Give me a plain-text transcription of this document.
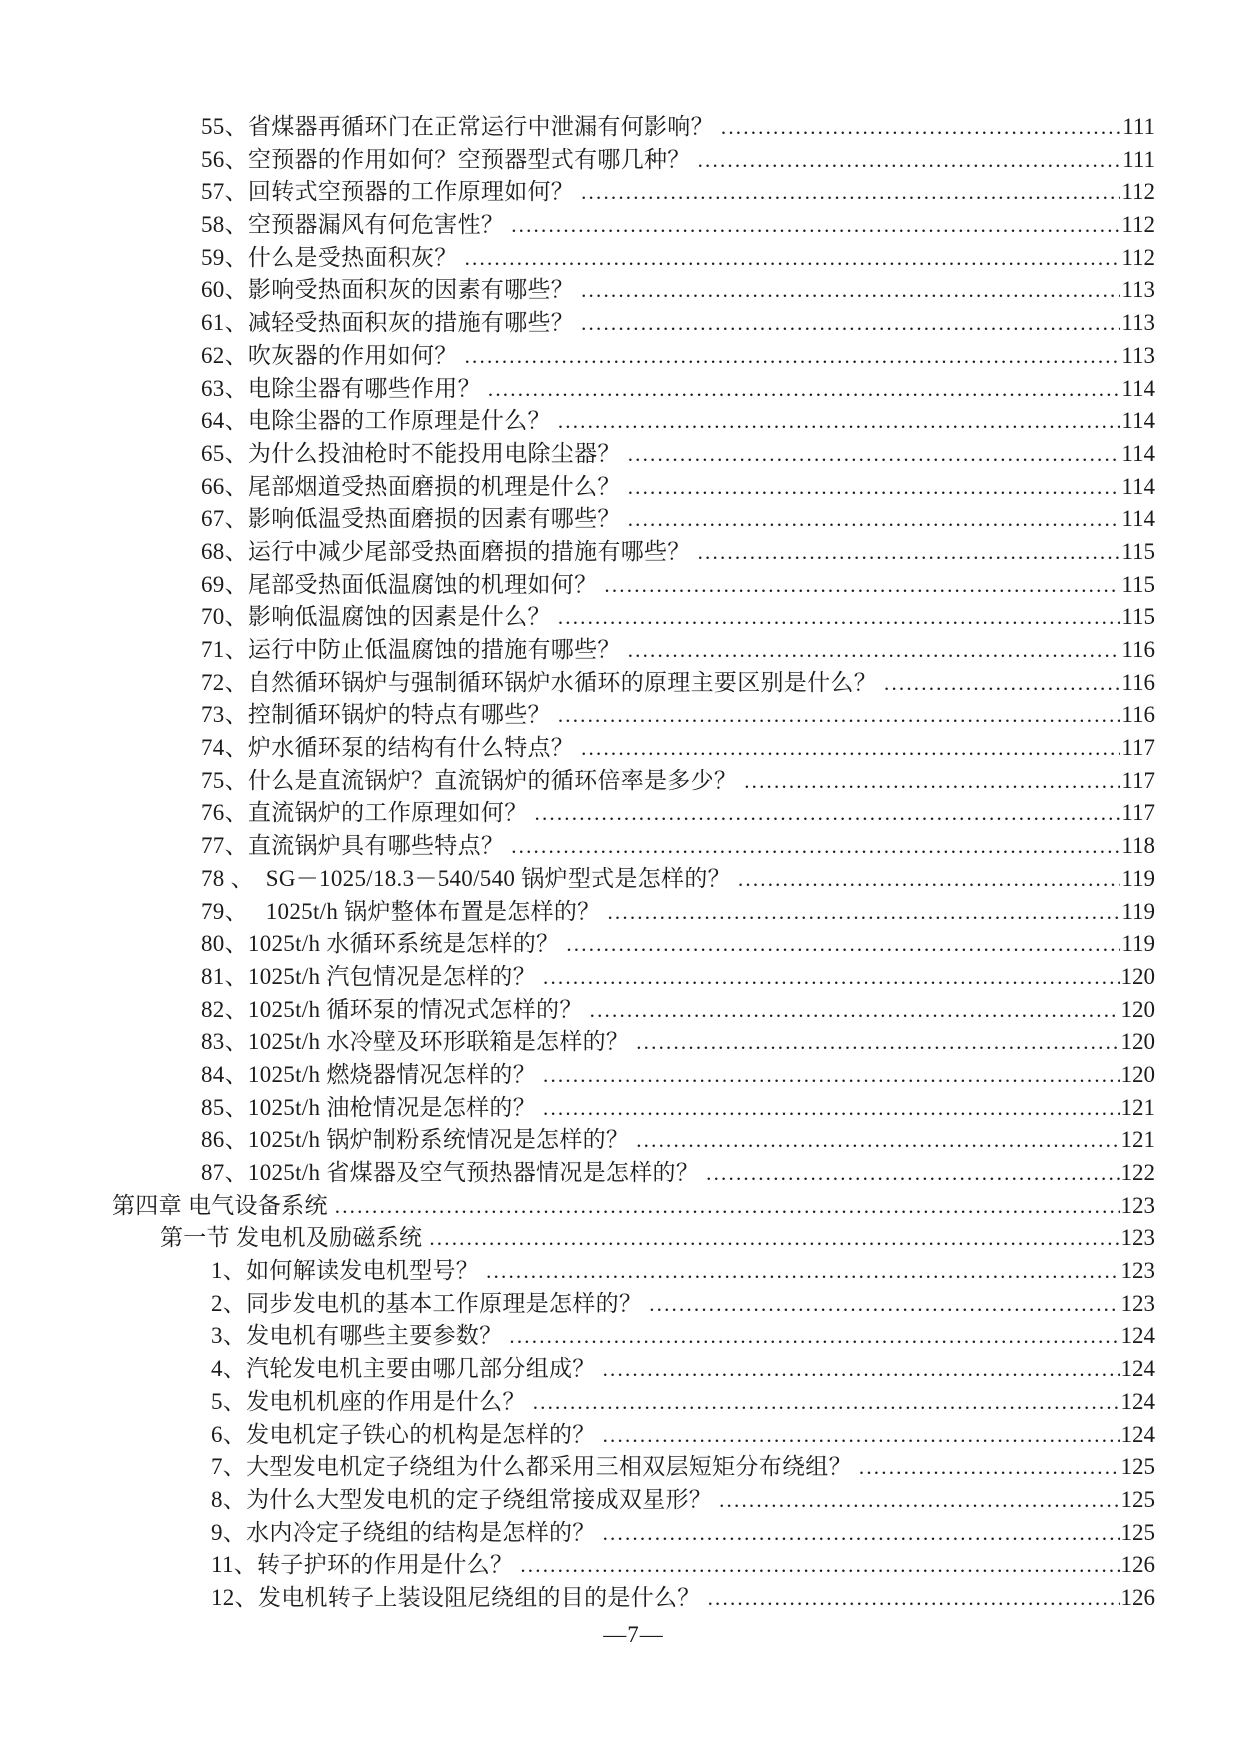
55、省煤器再循环门在正常运行中泄漏有何影响？ .....	111
56、空预器的作用如何？空预器型式有哪几种？ .....	111
57、回转式空预器的工作原理如何？ .....	112
58、空预器漏风有何危害性？ .....	112
59、什么是受热面积灰？ .....	112
60、影响受热面积灰的因素有哪些？ .....	113
61、减轻受热面积灰的措施有哪些？ .....	113
62、吹灰器的作用如何？ .....	113
63、电除尘器有哪些作用？ .....	114
64、电除尘器的工作原理是什么？ .....	114
65、为什么投油枪时不能投用电除尘器？ .....	114
66、尾部烟道受热面磨损的机理是什么？ .....	114
67、影响低温受热面磨损的因素有哪些？ .....	114
68、运行中减少尾部受热面磨损的措施有哪些？ .....	115
69、尾部受热面低温腐蚀的机理如何？ .....	115
70、影响低温腐蚀的因素是什么？ .....	115
71、运行中防止低温腐蚀的措施有哪些？ .....	116
72、自然循环锅炉与强制循环锅炉水循环的原理主要区别是什么？ .....	116
73、控制循环锅炉的特点有哪些？ .....	116
74、炉水循环泵的结构有什么特点？ .....	117
75、什么是直流锅炉？直流锅炉的循环倍率是多少？ .....	117
76、直流锅炉的工作原理如何？ .....	117
77、直流锅炉具有哪些特点？ .....	118
78 、　SG－1025/18.3－540/540 锅炉型式是怎样的？ .....	119
79、　 1025t/h 锅炉整体布置是怎样的？ .....	119
80、1025t/h 水循环系统是怎样的？ .....	119
81、1025t/h 汽包情况是怎样的？ .....	120
82、1025t/h 循环泵的情况式怎样的？ .....	120
83、1025t/h 水冷壁及环形联箱是怎样的？ .....	120
84、1025t/h 燃烧器情况怎样的？ .....	120
85、1025t/h 油枪情况是怎样的？ .....	121
86、1025t/h 锅炉制粉系统情况是怎样的？ .....	121
87、1025t/h 省煤器及空气预热器情况是怎样的？ .....	122
第四章 电气设备系统 .....	123
第一节 发电机及励磁系统 .....	123
1、如何解读发电机型号？ .....	123
2、同步发电机的基本工作原理是怎样的？ .....	123
3、发电机有哪些主要参数？ .....	124
4、汽轮发电机主要由哪几部分组成？ .....	124
5、发电机机座的作用是什么？ .....	124
6、发电机定子铁心的机构是怎样的？ .....	124
7、大型发电机定子绕组为什么都采用三相双层短矩分布绕组？ .....	125
8、为什么大型发电机的定子绕组常接成双星形？ .....	125
9、水内冷定子绕组的结构是怎样的？ .....	125
11、转子护环的作用是什么？ .....	126
12、发电机转子上装设阻尼绕组的目的是什么？ .....	126
—7—
